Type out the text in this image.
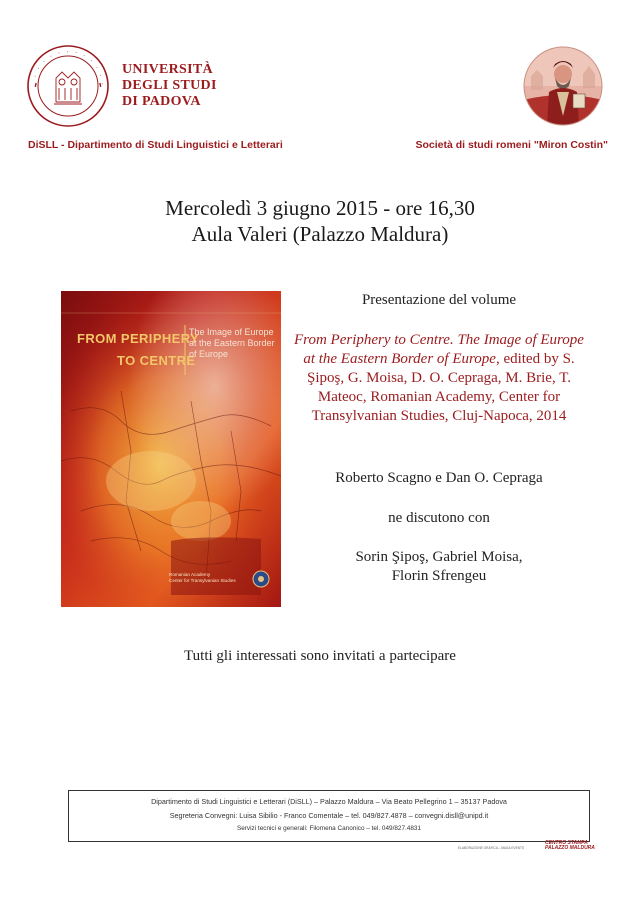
· · · · · · · · · · · ·
UNIVERSITÀ
DEGLI STUDI
DI PADOVA
DiSLL - Dipartimento di Studi Linguistici e Letterari	Società di studi romeni "Miron Costin"
Mercoledì 3 giugno 2015 - ore 16,30
Aula Valeri (Palazzo Maldura)
FROM PERIPHERY
TO CENTRE
The Image of Europe
at the Eastern Border
of Europe
Romanian Academy
Center for Transylvanian Studies
Presentazione del volume
From Periphery to Centre. The Image of Europe at the Eastern Border of Europe, edited by S. Şipoş, G. Moisa, D. O. Cepraga, M. Brie, T. Mateoc, Romanian Academy, Center for Transylvanian Studies, Cluj-Napoca, 2014
Roberto Scagno e Dan O. Cepraga
ne discutono con
Sorin Şipoş, Gabriel Moisa,
Florin Sfrengeu
Tutti gli interessati sono invitati a partecipare
Dipartimento di Studi Linguistici e Letterari (DiSLL) – Palazzo Maldura – Via Beato Pellegrino 1 – 35137 Padova
Segreteria Convegni: Luisa Sibilio - Franco Comentale – tel. 049/827.4878 – convegni.disll@unipd.it
Servizi tecnici e generali: Filomena Canonico – tel. 049/827.4831
ELABORAZIONE GRAFICA – MAGA EVENTS
CENTRO STAMPA
PALAZZO MALDURA
